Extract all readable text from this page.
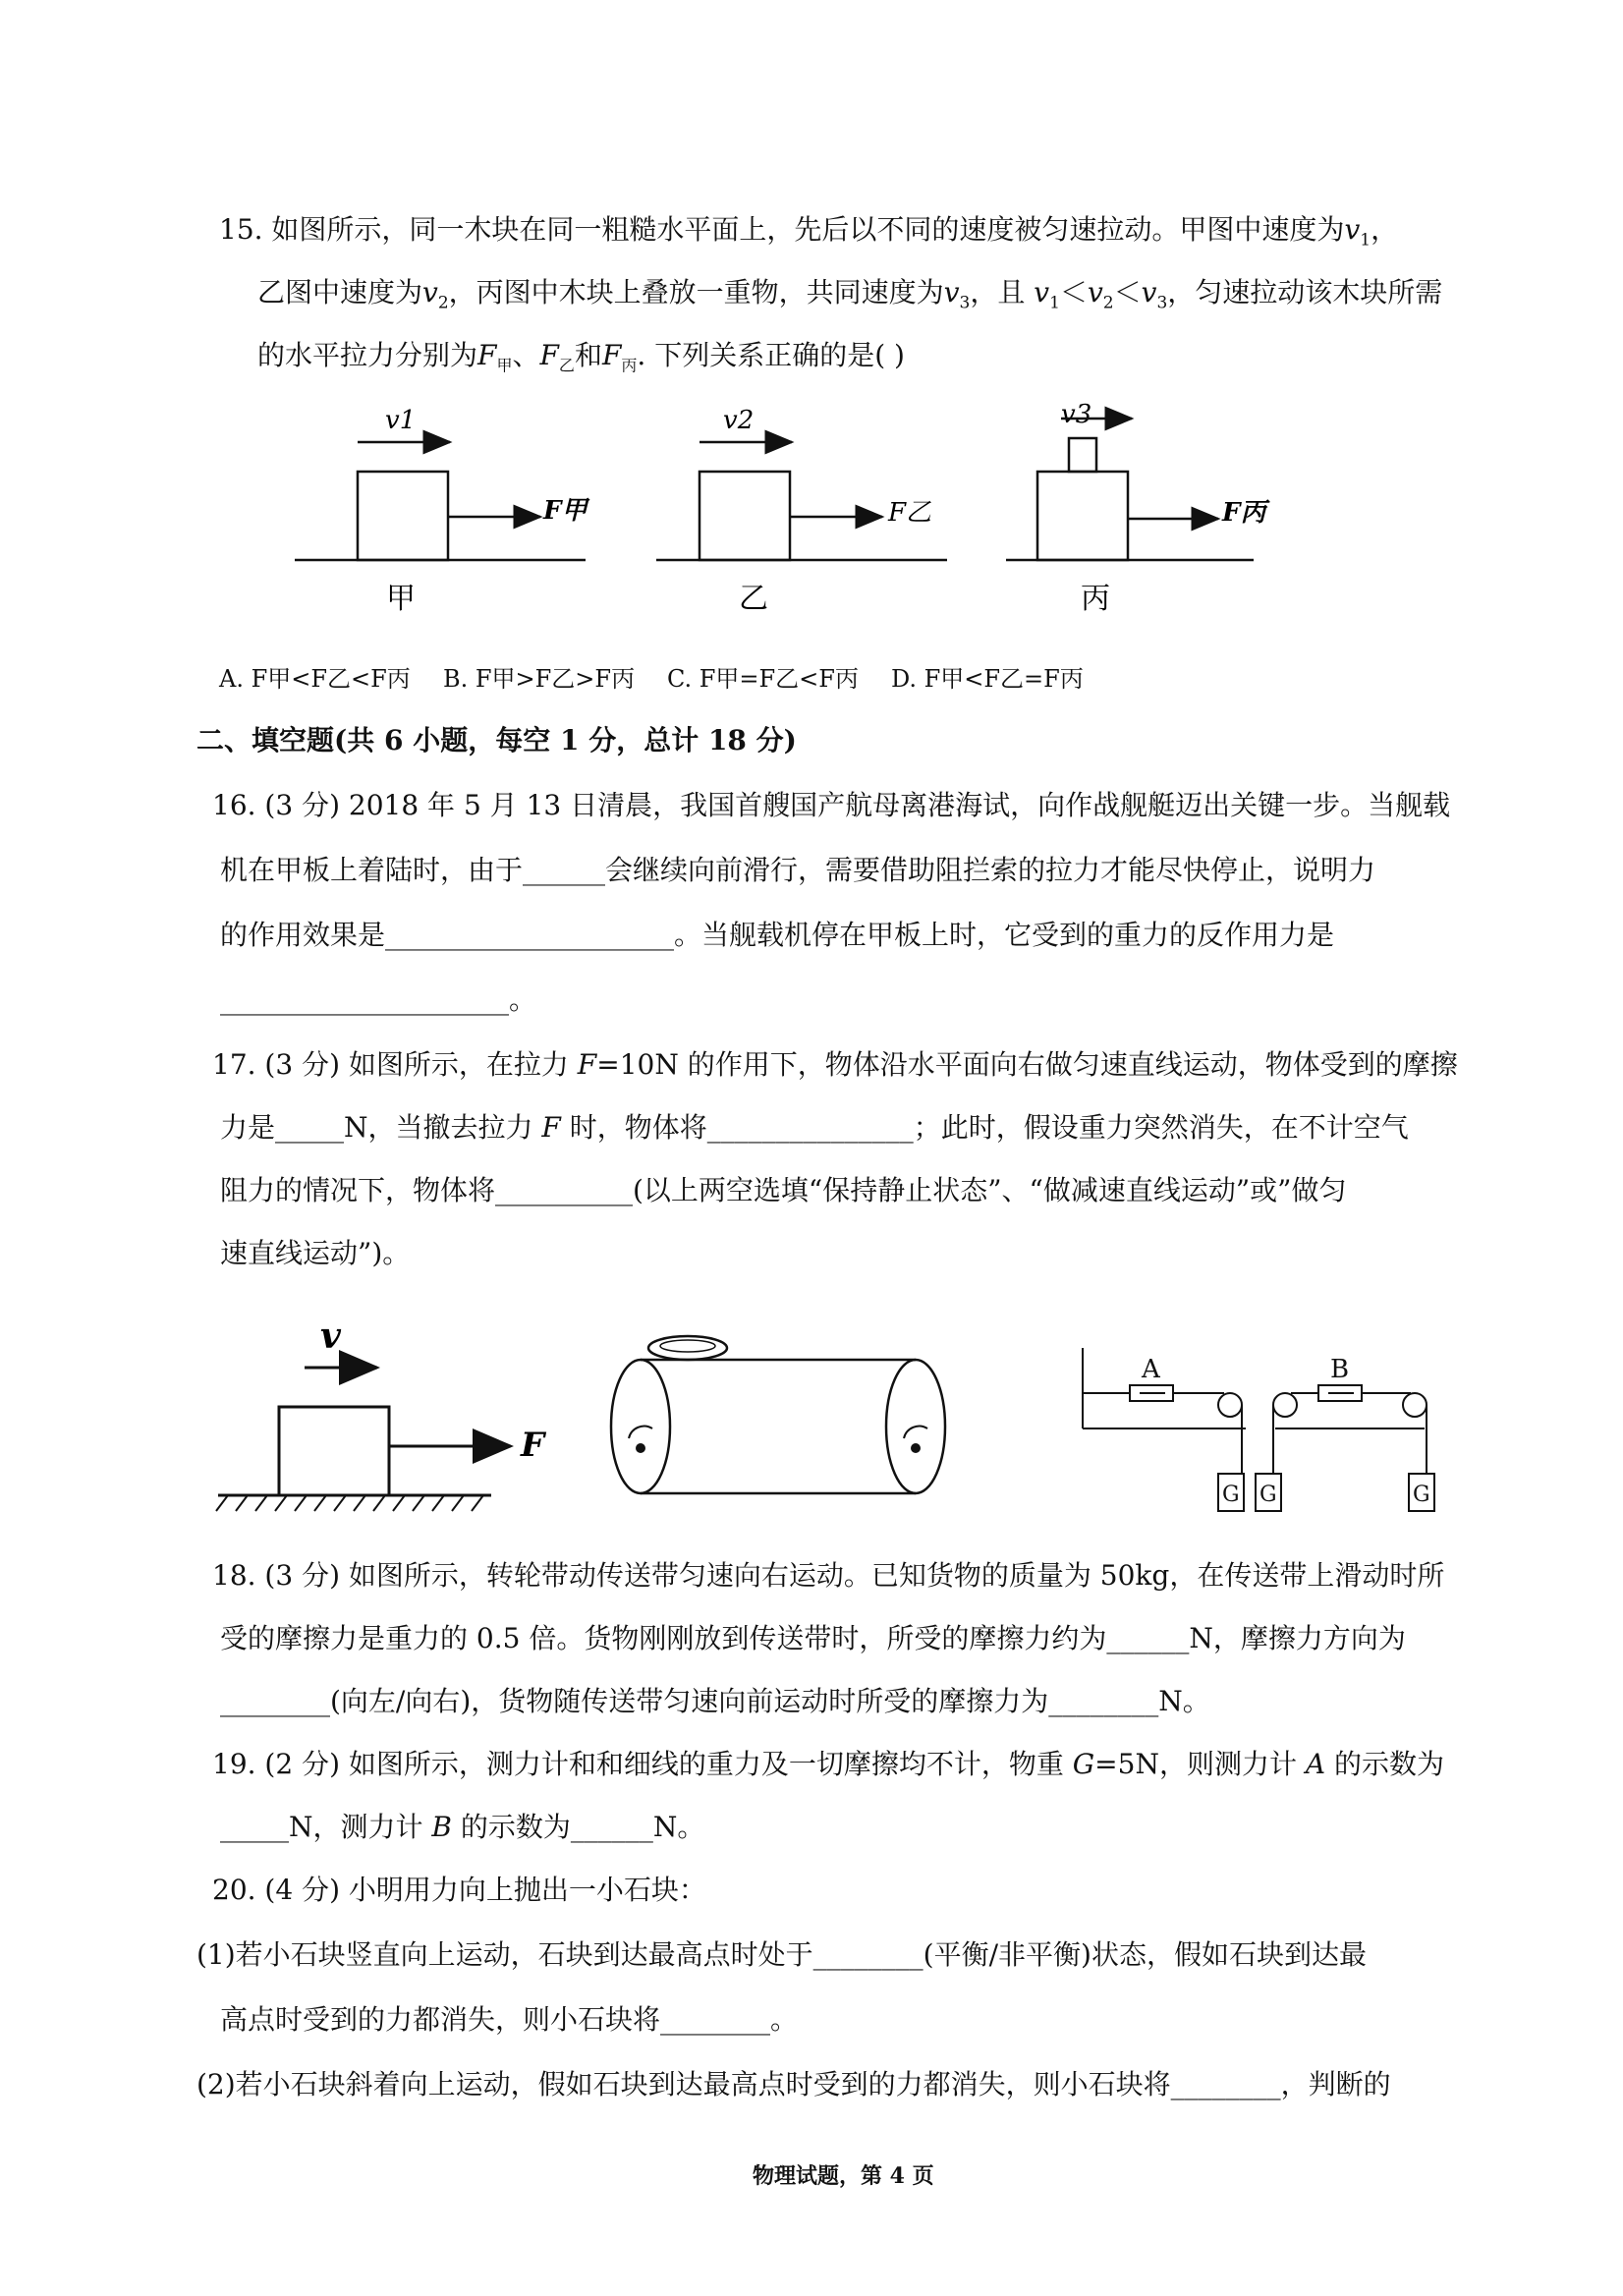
15. 如图所示，同一木块在同一粗糙水平面上，先后以不同的速度被匀速拉动。甲图中速度为$v_1$，
乙图中速度为$v_2$，丙图中木块上叠放一重物，共同速度为$v_3$，且 $v_1<v_2<v_3$，匀速拉动该木块所需
的水平拉力分别为$F_甲$、$F_乙$和$F_丙$. 下列关系正确的是( )
v1
F甲
甲
v2
F乙
乙
v3
F丙
丙
A. F甲<F乙<F丙 B. F甲>F乙>F丙 C. F甲=F乙<F丙 D. F甲<F乙=F丙
二、填空题(共 6 小题，每空 1 分，总计 18 分)
16. (3 分) 2018 年 5 月 13 日清晨，我国首艘国产航母离港海试，向作战舰艇迈出关键一步。当舰载
机在甲板上着陆时，由于______会继续向前滑行，需要借助阻拦索的拉力才能尽快停止，说明力
的作用效果是_____________________。当舰载机停在甲板上时，它受到的重力的反作用力是
_____________________。
17. (3 分) 如图所示，在拉力 F=10N 的作用下，物体沿水平面向右做匀速直线运动，物体受到的摩擦
力是_____N，当撤去拉力 F 时，物体将_______________；此时，假设重力突然消失，在不计空气
阻力的情况下，物体将__________(以上两空选填“保持静止状态”、“做减速直线运动”或”做匀
速直线运动”)。
v
F
A	B
G G	G
18. (3 分) 如图所示，转轮带动传送带匀速向右运动。已知货物的质量为 50kg，在传送带上滑动时所
受的摩擦力是重力的 0.5 倍。货物刚刚放到传送带时，所受的摩擦力约为______N，摩擦力方向为
________(向左/向右)，货物随传送带匀速向前运动时所受的摩擦力为________N。
19. (2 分) 如图所示，测力计和和细线的重力及一切摩擦均不计，物重 G=5N，则测力计 A 的示数为
_____N，测力计 B 的示数为______N。
20. (4 分) 小明用力向上抛出一小石块：
(1)若小石块竖直向上运动，石块到达最高点时处于________(平衡/非平衡)状态，假如石块到达最
高点时受到的力都消失，则小石块将________。
(2)若小石块斜着向上运动，假如石块到达最高点时受到的力都消失，则小石块将________，判断的
物理试题，第 4 页
